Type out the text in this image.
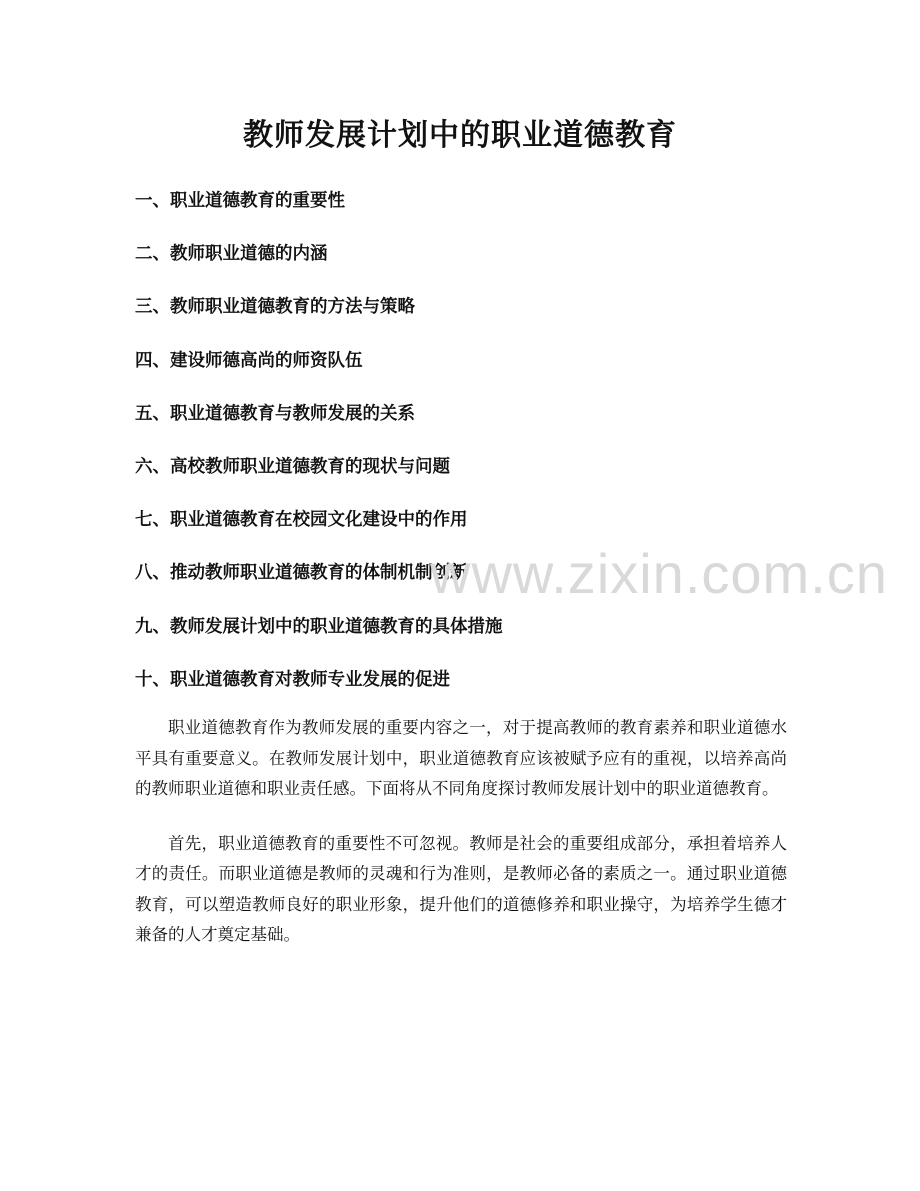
教师发展计划中的职业道德教育
一、职业道德教育的重要性
二、教师职业道德的内涵
三、教师职业道德教育的方法与策略
四、建设师德高尚的师资队伍
五、职业道德教育与教师发展的关系
六、高校教师职业道德教育的现状与问题
七、职业道德教育在校园文化建设中的作用
八、推动教师职业道德教育的体制机制创新
九、教师发展计划中的职业道德教育的具体措施
十、职业道德教育对教师专业发展的促进

职业道德教育作为教师发展的重要内容之一，对于提高教师的教育素养和职业道德水平具有重要意义。在教师发展计划中，职业道德教育应该被赋予应有的重视，以培养高尚的教师职业道德和职业责任感。下面将从不同角度探讨教师发展计划中的职业道德教育。

首先，职业道德教育的重要性不可忽视。教师是社会的重要组成部分，承担着培养人才的责任。而职业道德是教师的灵魂和行为准则，是教师必备的素质之一。通过职业道德教育，可以塑造教师良好的职业形象，提升他们的道德修养和职业操守，为培养学生德才兼备的人才奠定基础。

www.zixin.com.cn
